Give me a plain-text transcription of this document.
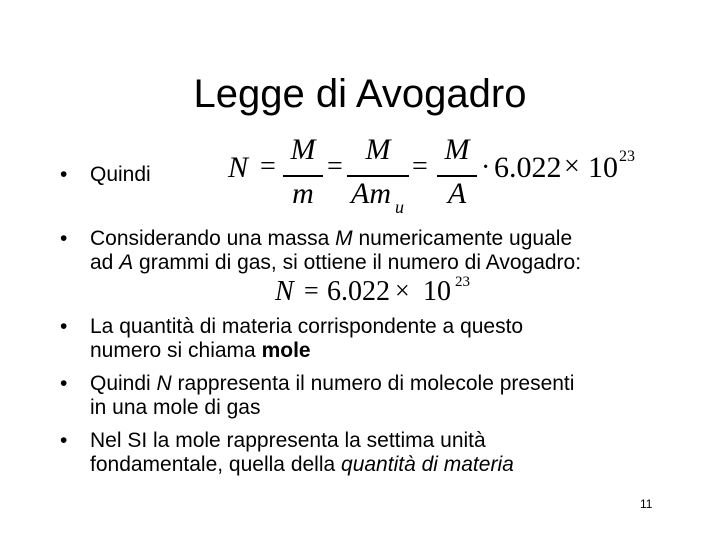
Legge di Avogadro
• Quindi	N =
M
m
=
M
Am u
=
M
A
· 6.022 × 10 23
• Considerando una massa M numericamente uguale
ad A grammi di gas, si ottiene il numero di Avogadro:
N = 6.022 × 10 23
• La quantità di materia corrispondente a questo
numero si chiama mole
• Quindi N rappresenta il numero di molecole presenti
in una mole di gas
• Nel SI la mole rappresenta la settima unità
fondamentale, quella della quantità di materia
11
